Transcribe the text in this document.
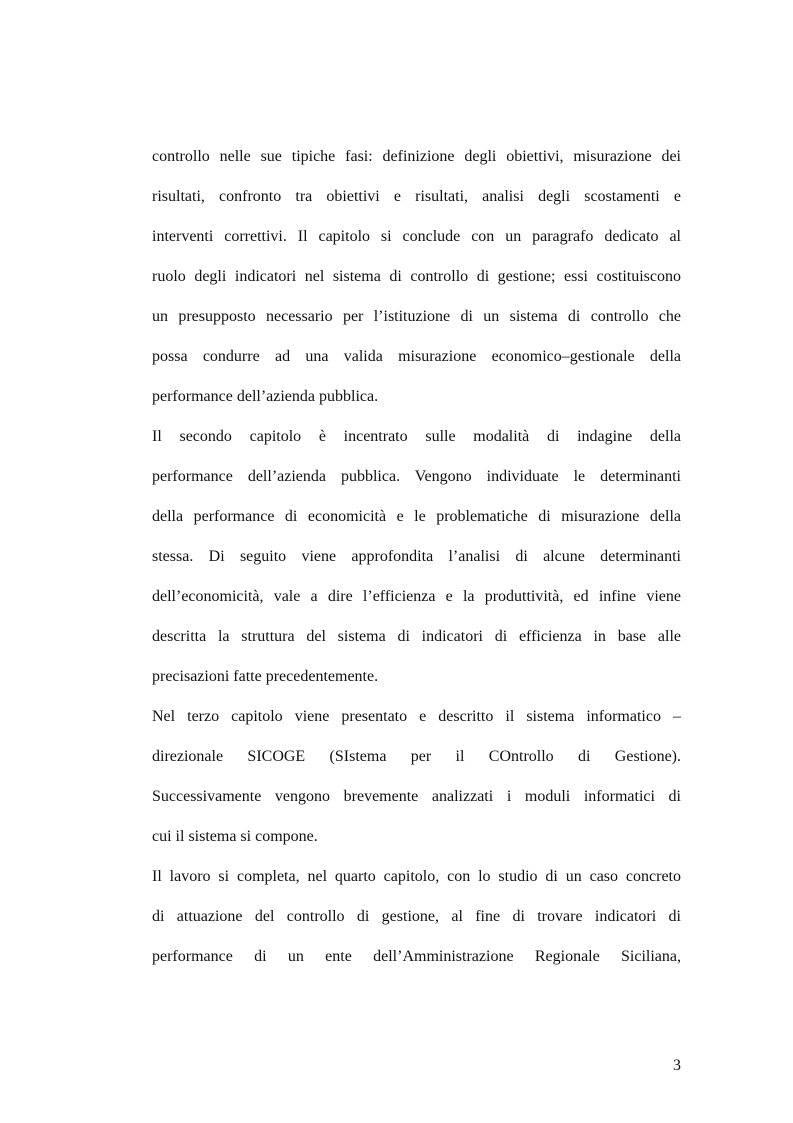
controllo nelle sue tipiche fasi: definizione degli obiettivi, misurazione dei
risultati, confronto tra obiettivi e risultati, analisi degli scostamenti e
interventi correttivi. Il capitolo si conclude con un paragrafo dedicato al
ruolo degli indicatori nel sistema di controllo di gestione; essi costituiscono
un presupposto necessario per l’istituzione di un sistema di controllo che
possa condurre ad una valida misurazione economico–gestionale della
performance dell’azienda pubblica.
Il secondo capitolo è incentrato sulle modalità di indagine della
performance dell’azienda pubblica. Vengono individuate le determinanti
della performance di economicità e le problematiche di misurazione della
stessa. Di seguito viene approfondita l’analisi di alcune determinanti
dell’economicità, vale a dire l’efficienza e la produttività, ed infine viene
descritta la struttura del sistema di indicatori di efficienza in base alle
precisazioni fatte precedentemente.
Nel terzo capitolo viene presentato e descritto il sistema informatico –
direzionale SICOGE (SIstema per il COntrollo di Gestione).
Successivamente vengono brevemente analizzati i moduli informatici di
cui il sistema si compone.
Il lavoro si completa, nel quarto capitolo, con lo studio di un caso concreto
di attuazione del controllo di gestione, al fine di trovare indicatori di
performance di un ente dell’Amministrazione Regionale Siciliana,
3
